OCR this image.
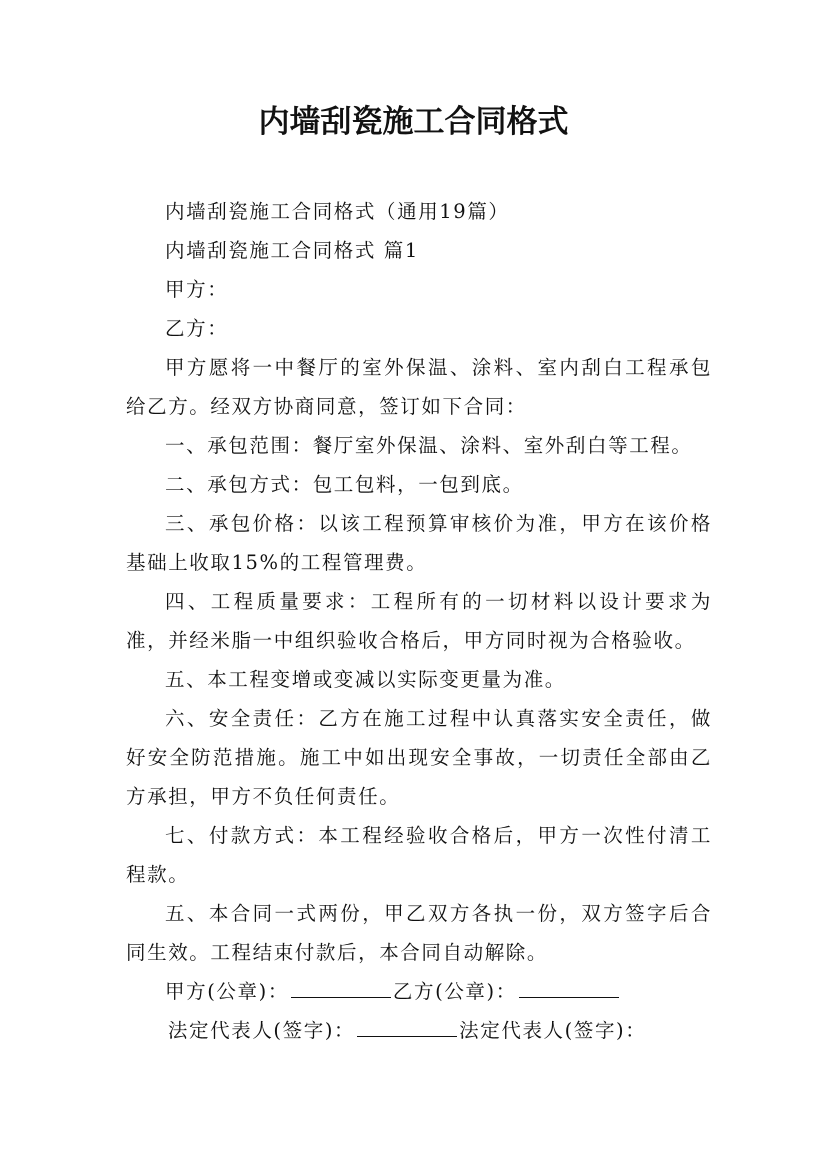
内墙刮瓷施工合同格式

内墙刮瓷施工合同格式（通用19篇）

内墙刮瓷施工合同格式 篇1

甲方：

乙方：

甲方愿将一中餐厅的室外保温、涂料、室内刮白工程承包给乙方。经双方协商同意，签订如下合同：

一、承包范围：餐厅室外保温、涂料、室外刮白等工程。

二、承包方式：包工包料，一包到底。

三、承包价格：以该工程预算审核价为准，甲方在该价格基础上收取15%的工程管理费。

四、工程质量要求：工程所有的一切材料以设计要求为准，并经米脂一中组织验收合格后，甲方同时视为合格验收。

五、本工程变增或变减以实际变更量为准。

六、安全责任：乙方在施工过程中认真落实安全责任，做好安全防范措施。施工中如出现安全事故，一切责任全部由乙方承担，甲方不负任何责任。

七、付款方式：本工程经验收合格后，甲方一次性付清工程款。

五、本合同一式两份，甲乙双方各执一份，双方签字后合同生效。工程结束付款后，本合同自动解除。

甲方(公章)：	乙方(公章)：

法定代表人(签字)：	法定代表人(签字)：
